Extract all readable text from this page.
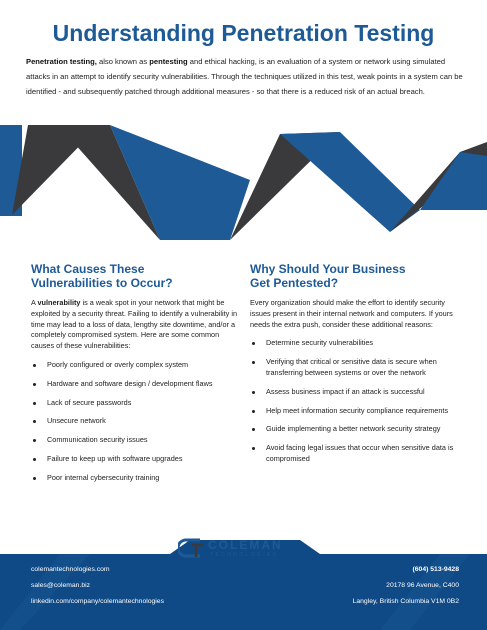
Understanding Penetration Testing

Penetration testing, also known as pentesting and ethical hacking, is an evaluation of a system or network using simulated attacks in an attempt to identify security vulnerabilities. Through the techniques utilized in this test, weak points in a system can be identified - and subsequently patched through additional measures - so that there is a reduced risk of an actual breach.

What Causes These
Vulnerabilities to Occur?

A vulnerability is a weak spot in your network that might be exploited by a security threat. Failing to identify a vulnerability in time may lead to a loss of data, lengthy site downtime, and/or a completely compromised system. Here are some common causes of these vulnerabilities:

Poorly configured or overly complex system
Hardware and software design / development flaws
Lack of secure passwords
Unsecure network
Communication security issues
Failure to keep up with software upgrades
Poor internal cybersecurity training
Why Should Your Business
Get Pentested?

Every organization should make the effort to identify security issues present in their internal network and computers. If yours needs the extra push, consider these additional reasons:

Determine security vulnerabilities
Verifying that critical or sensitive data is secure when transferring between systems or over the network
Assess business impact if an attack is successful
Help meet information security compliance requirements
Guide implementing a better network security strategy
Avoid facing legal issues that occur when sensitive data is compromised
COLEMAN
TECHNOLOGIES
colemantechnologies.com
sales@coleman.biz
linkedin.com/company/colemantechnologies
(604) 513-9428
20178 96 Avenue, C400
Langley, British Columbia V1M 0B2
